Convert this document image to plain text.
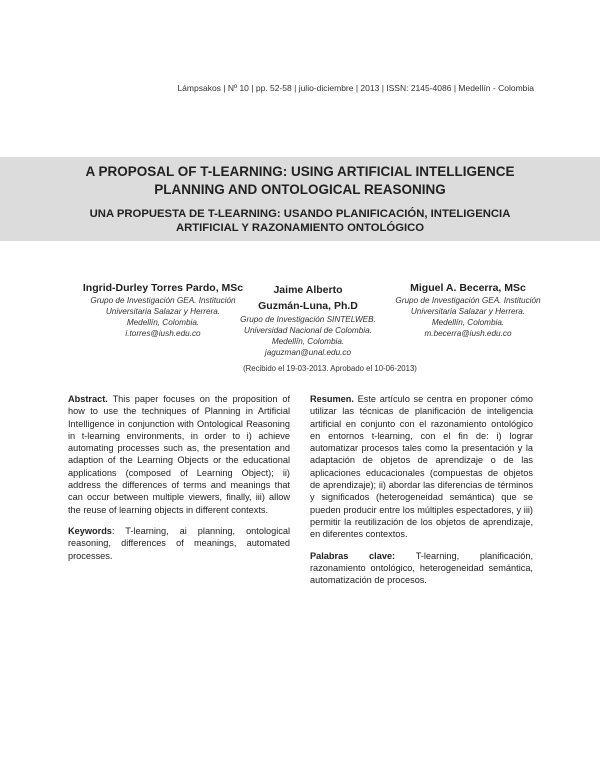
Lámpsakos | Nº 10 | pp. 52-58 | julio-diciembre | 2013 | ISSN: 2145-4086 | Medellín - Colombia
A PROPOSAL OF T-LEARNING: USING ARTIFICIAL INTELLIGENCE
PLANNING AND ONTOLOGICAL REASONING
UNA PROPUESTA DE T-LEARNING: USANDO PLANIFICACIÓN, INTELIGENCIA
ARTIFICIAL Y RAZONAMIENTO ONTOLÓGICO
Ingrid-Durley Torres Pardo, MSc
Grupo de Investigación GEA. Institución
Universitaria Salazar y Herrera.
Medellín, Colombia.
i.torres@iush.edu.co
Jaime Alberto
Guzmán-Luna, Ph.D
Grupo de Investigación SINTELWEB.
Universidad Nacional de Colombia.
Medellín, Colombia.
jaguzman@unal.edu.co
Miguel A. Becerra, MSc
Grupo de Investigación GEA. Institución
Universitaria Salazar y Herrera.
Medellín, Colombia.
m.becerra@iush.edu.co
(Recibido el 19-03-2013. Aprobado el 10-06-2013)

Abstract. This paper focuses on the proposition of how to use the techniques of Planning in Artificial Intelligence in conjunction with Ontological Reasoning in t-learning environments, in order to i) achieve automating processes such as, the presentation and adaption of the Learning Objects or the educational applications (composed of Learning Object); ii) address the differences of terms and meanings that can occur between multiple viewers, finally, iii) allow the reuse of learning objects in different contexts.

Keywords: T-learning, ai planning, ontological reasoning, differences of meanings, automated processes.

Resumen. Este artículo se centra en proponer cómo utilizar las técnicas de planificación de inteligencia artificial en conjunto con el razonamiento ontológico en entornos t-learning, con el fin de: i) lograr automatizar procesos tales como la presentación y la adaptación de objetos de aprendizaje o de las aplicaciones educacionales (compuestas de objetos de aprendizaje); ii) abordar las diferencias de términos y significados (heterogeneidad semántica) que se pueden producir entre los múltiples espectadores, y iii) permitir la reutilización de los objetos de aprendizaje, en diferentes contextos.

Palabras clave: T-learning, planificación, razonamiento ontológico, heterogeneidad semántica, automatización de procesos.
